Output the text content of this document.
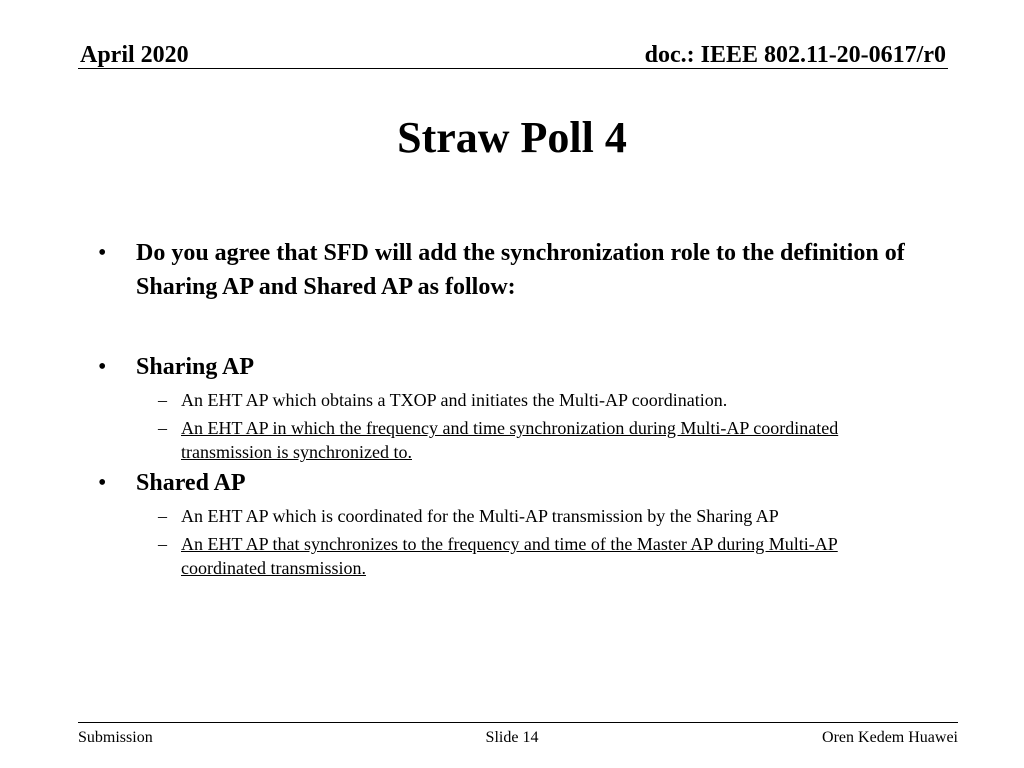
April 2020	doc.: IEEE 802.11-20-0617/r0
Straw Poll 4
• Do you agree that SFD will add the synchronization role to the definition of Sharing AP and Shared AP as follow:
• Sharing AP
– An EHT AP which obtains a TXOP and initiates the Multi-AP coordination.
– An EHT AP in which the frequency and time synchronization during Multi-AP coordinated transmission is synchronized to.
• Shared AP
– An EHT AP which is coordinated for the Multi-AP transmission by the Sharing AP
– An EHT AP that synchronizes to the frequency and time of the Master AP during Multi-AP coordinated transmission.
Submission	Slide 14	Oren Kedem Huawei
